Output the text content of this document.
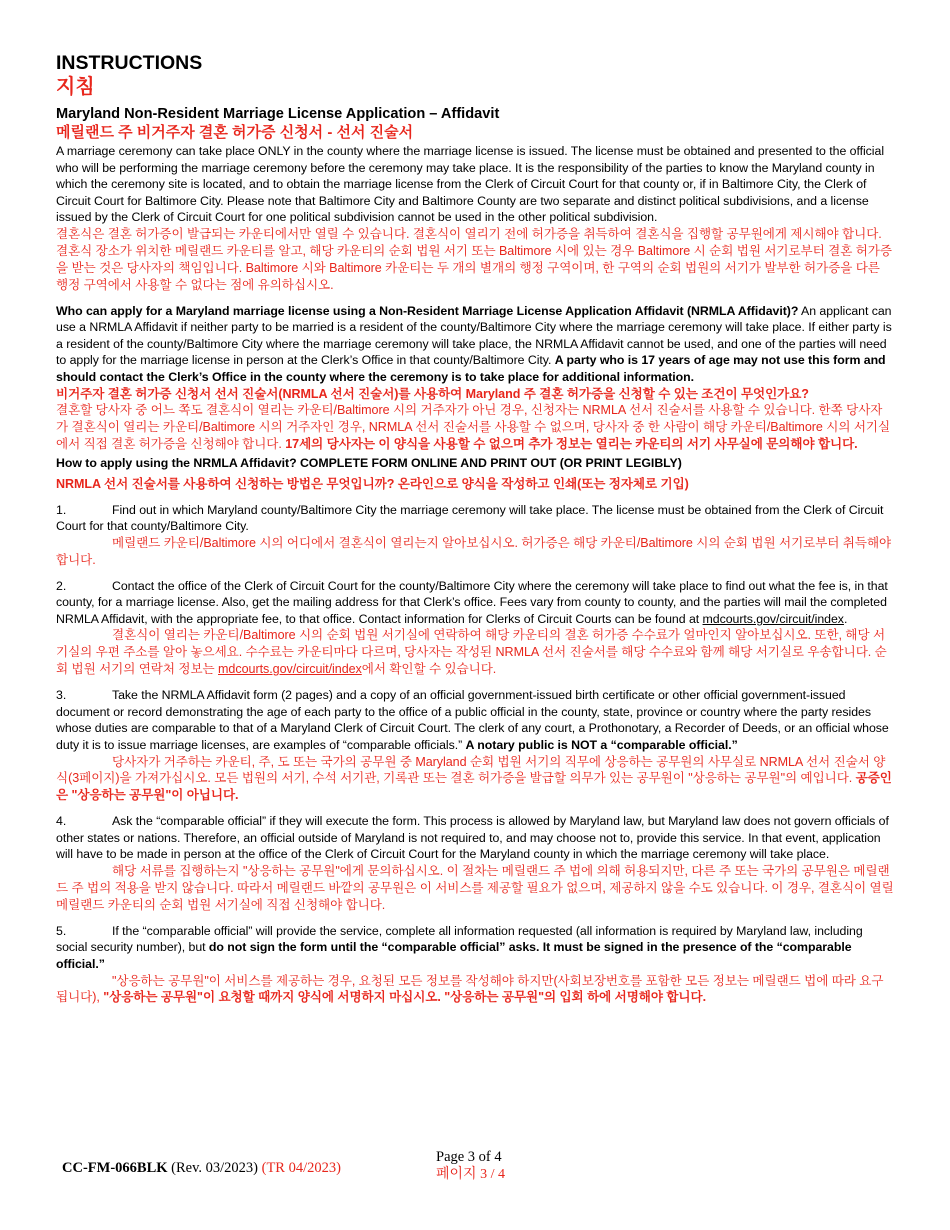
INSTRUCTIONS
지침
Maryland Non-Resident Marriage License Application – Affidavit
메릴랜드 주 비거주자 결혼 허가증 신청서 - 선서 진술서

A marriage ceremony can take place ONLY in the county where the marriage license is issued. The license must be obtained and presented to the official who will be performing the marriage ceremony before the ceremony may take place. It is the responsibility of the parties to know the Maryland county in which the ceremony site is located, and to obtain the marriage license from the Clerk of Circuit Court for that county or, if in Baltimore City, the Clerk of Circuit Court for Baltimore City. Please note that Baltimore City and Baltimore County are two separate and distinct political subdivisions, and a license issued by the Clerk of Circuit Court for one political subdivision cannot be used in the other political subdivision.

결혼식은 결혼 허가증이 발급되는 카운티에서만 열릴 수 있습니다. 결혼식이 열리기 전에 허가증을 취득하여 결혼식을 집행할 공무원에게 제시해야 합니다. 결혼식 장소가 위치한 메릴랜드 카운티를 알고, 해당 카운티의 순회 법원 서기 또는 Baltimore 시에 있는 경우 Baltimore 시 순회 법원 서기로부터 결혼 허가증을 받는 것은 당사자의 책임입니다. Baltimore 시와 Baltimore 카운티는 두 개의 별개의 행정 구역이며, 한 구역의 순회 법원의 서기가 발부한 허가증을 다른 행정 구역에서 사용할 수 없다는 점에 유의하십시오.

Who can apply for a Maryland marriage license using a Non-Resident Marriage License Application Affidavit (NRMLA Affidavit)? An applicant can use a NRMLA Affidavit if neither party to be married is a resident of the county/Baltimore City where the marriage ceremony will take place. If either party is a resident of the county/Baltimore City where the marriage ceremony will take place, the NRMLA Affidavit cannot be used, and one of the parties will need to apply for the marriage license in person at the Clerk’s Office in that county/Baltimore City. A party who is 17 years of age may not use this form and should contact the Clerk’s Office in the county where the ceremony is to take place for additional information.

비거주자 결혼 허가증 신청서 선서 진술서(NRMLA 선서 진술서)를 사용하여 Maryland 주 결혼 허가증을 신청할 수 있는 조건이 무엇인가요?
결혼할 당사자 중 어느 쪽도 결혼식이 열리는 카운티/Baltimore 시의 거주자가 아닌 경우, 신청자는 NRMLA 선서 진술서를 사용할 수 있습니다. 한쪽 당사자가 결혼식이 열리는 카운티/Baltimore 시의 거주자인 경우, NRMLA 선서 진술서를 사용할 수 없으며, 당사자 중 한 사람이 해당 카운티/Baltimore 시의 서기실에서 직접 결혼 허가증을 신청해야 합니다. 17세의 당사자는 이 양식을 사용할 수 없으며 추가 정보는 열리는 카운티의 서기 사무실에 문의해야 합니다.

How to apply using the NRMLA Affidavit? COMPLETE FORM ONLINE AND PRINT OUT (OR PRINT LEGIBLY)

NRMLA 선서 진술서를 사용하여 신청하는 방법은 무엇입니까? 온라인으로 양식을 작성하고 인쇄(또는 정자체로 기입)

1.	Find out in which Maryland county/Baltimore City the marriage ceremony will take place. The license must be obtained from the Clerk of Circuit Court for that county/Baltimore City.

메릴랜드 카운티/Baltimore 시의 어디에서 결혼식이 열리는지 알아보십시오. 허가증은 해당 카운티/Baltimore 시의 순회 법원 서기로부터 취득해야 합니다.

2.	Contact the office of the Clerk of Circuit Court for the county/Baltimore City where the ceremony will take place to find out what the fee is, in that county, for a marriage license. Also, get the mailing address for that Clerk’s office. Fees vary from county to county, and the parties will mail the completed NRMLA Affidavit, with the appropriate fee, to that office. Contact information for Clerks of Circuit Courts can be found at mdcourts.gov/circuit/index.

결혼식이 열리는 카운티/Baltimore 시의 순회 법원 서기실에 연락하여 해당 카운티의 결혼 허가증 수수료가 얼마인지 알아보십시오. 또한, 해당 서기실의 우편 주소를 알아 놓으세요. 수수료는 카운티마다 다르며, 당사자는 작성된 NRMLA 선서 진술서를 해당 수수료와 함께 해당 서기실로 우송합니다. 순회 법원 서기의 연락처 정보는 mdcourts.gov/circuit/index에서 확인할 수 있습니다.

3.	Take the NRMLA Affidavit form (2 pages) and a copy of an official government-issued birth certificate or other official government-issued document or record demonstrating the age of each party to the office of a public official in the county, state, province or country where the party resides whose duties are comparable to that of a Maryland Clerk of Circuit Court. The clerk of any court, a Prothonotary, a Recorder of Deeds, or an official whose duty it is to issue marriage licenses, are examples of “comparable officials.” A notary public is NOT a “comparable official.”

당사자가 거주하는 카운티, 주, 도 또는 국가의 공무원 중 Maryland 순회 법원 서기의 직무에 상응하는 공무원의 사무실로 NRMLA 선서 진술서 양식(3페이지)을 가져가십시오. 모든 법원의 서기, 수석 서기관, 기록관 또는 결혼 허가증을 발급할 의무가 있는 공무원이 "상응하는 공무원"의 예입니다. 공증인은 "상응하는 공무원"이 아닙니다.

4.	Ask the “comparable official” if they will execute the form. This process is allowed by Maryland law, but Maryland law does not govern officials of other states or nations. Therefore, an official outside of Maryland is not required to, and may choose not to, provide this service. In that event, application will have to be made in person at the office of the Clerk of Circuit Court for the Maryland county in which the marriage ceremony will take place.

해당 서류를 집행하는지 "상응하는 공무원"에게 문의하십시오. 이 절차는 메릴랜드 주 법에 의해 허용되지만, 다른 주 또는 국가의 공무원은 메릴랜드 주 법의 적용을 받지 않습니다. 따라서 메릴랜드 바깥의 공무원은 이 서비스를 제공할 필요가 없으며, 제공하지 않을 수도 있습니다. 이 경우, 결혼식이 열릴 메릴랜드 카운티의 순회 법원 서기실에 직접 신청해야 합니다.

5.	If the “comparable official” will provide the service, complete all information requested (all information is required by Maryland law, including social security number), but do not sign the form until the “comparable official” asks. It must be signed in the presence of the “comparable official.”

"상응하는 공무원"이 서비스를 제공하는 경우, 요청된 모든 정보를 작성해야 하지만(사회보장번호를 포함한 모든 정보는 메릴랜드 법에 따라 요구됩니다), "상응하는 공무원"이 요청할 때까지 양식에 서명하지 마십시오. "상응하는 공무원"의 입회 하에 서명해야 합니다.

CC-FM-066BLK (Rev. 03/2023) (TR 04/2023)
Page 3 of 4
페이지 3 / 4
